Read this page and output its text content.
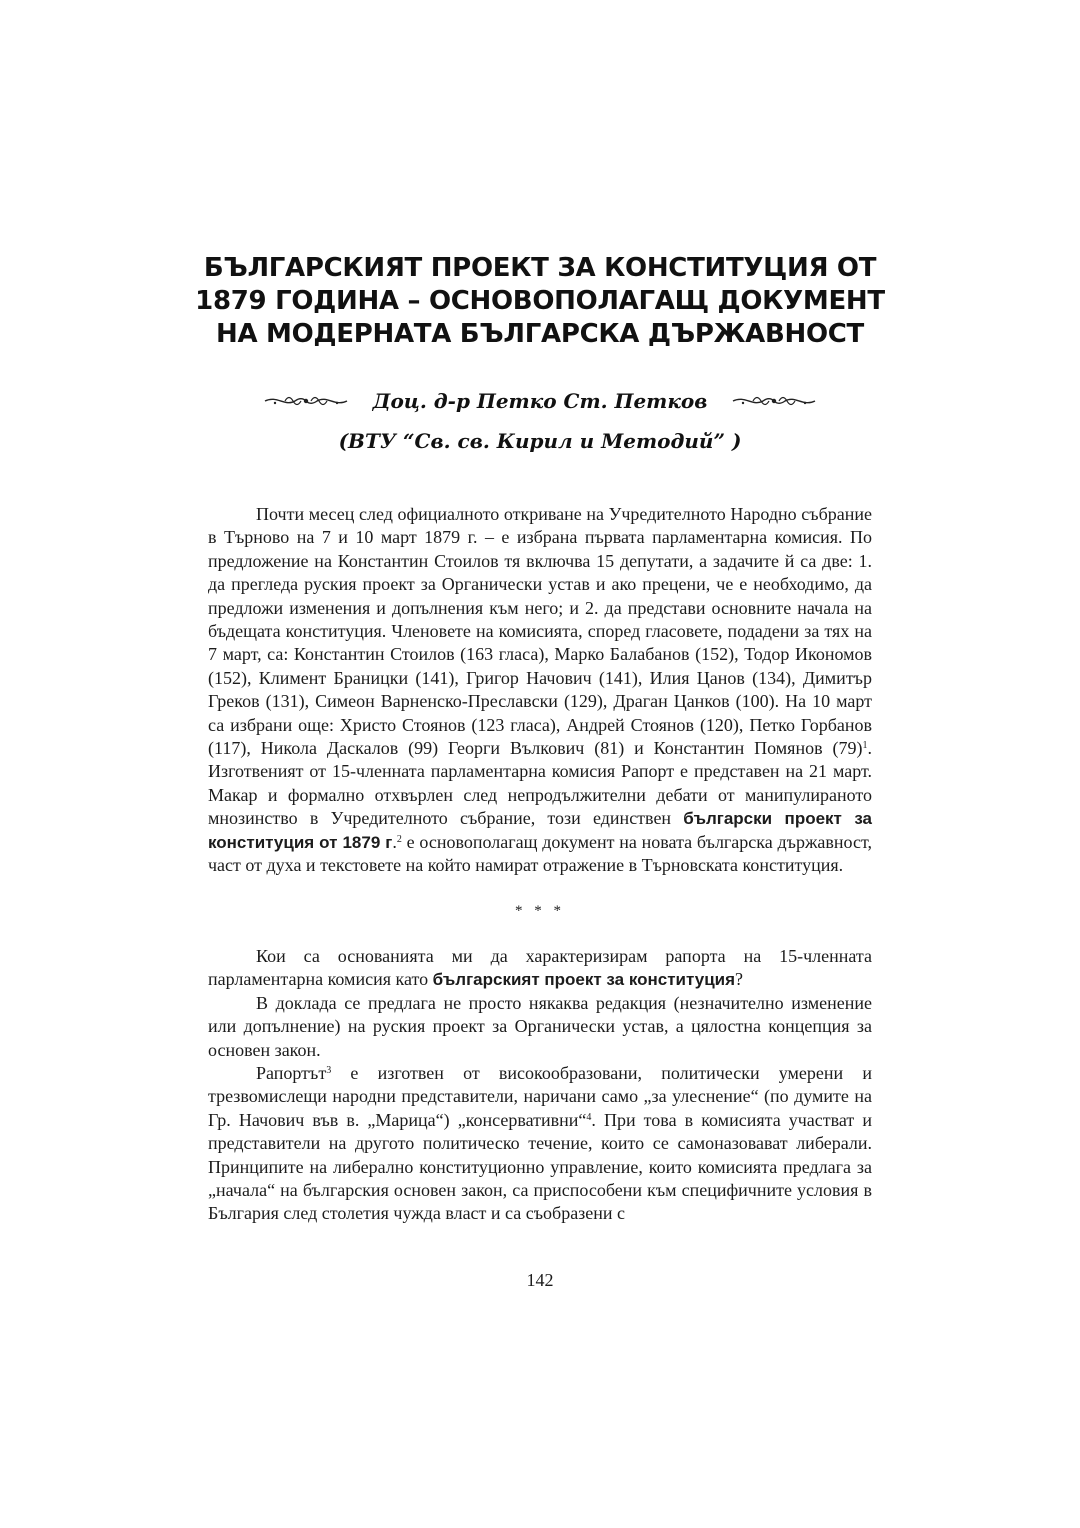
БЪЛГАРСКИЯТ ПРОЕКТ ЗА КОНСТИТУЦИЯ ОТ
1879 ГОДИНА – ОСНОВОПОЛАГАЩ ДОКУМЕНТ
НА МОДЕРНАТА БЪЛГАРСКА ДЪРЖАВНОСТ
Доц. д-р Петко Ст. Петков
(ВТУ “Св. св. Кирил и Методий” )

Почти месец след официалното откриване на Учредителното Народно събрание в Търново на 7 и 10 март 1879 г. – е избрана първата парламентарна комисия. По предложение на Константин Стоилов тя включва 15 депутати, а задачите й са две: 1. да прегледа руския проект за Органически устав и ако прецени, че е необходимо, да предложи изменения и допълнения към него; и 2. да представи основните начала на бъдещата конституция. Членовете на комисията, според гласовете, подадени за тях на 7 март, са: Константин Стоилов (163 гласа), Марко Балабанов (152), Тодор Икономов (152), Климент Браницки (141), Григор Начович (141), Илия Цанов (134), Димитър Греков (131), Симеон Варненско-Преславски (129), Драган Цанков (100). На 10 март са избрани още: Христо Стоянов (123 гласа), Андрей Стоянов (120), Петко Горбанов (117), Никола Даскалов (99) Георги Вълкович (81) и Константин Помянов $(79)^1$. Изготвеният от 15-членната парламентарна комисия Рапорт е представен на 21 март. Макар и формално отхвърлен след непродължителни дебати от манипулираното мнозинство в Учредителното събрание, този единствен български проект за конституция от 1879 г.$^2$ е основополагащ документ на новата българска държавност, част от духа и текстовете на който намират отражение в Търновската конституция.

* * *

Кои са основанията ми да характеризирам рапорта на 15-членната парламентарна комисия като българският проект за конституция?

В доклада се предлага не просто някаква редакция (незначително изменение или допълнение) на руския проект за Органически устав, а цялостна концепция за основен закон.

Рапортът$^3$ е изготвен от високообразовани, политически умерени и трезвомислещи народни представители, наричани само „за улеснение“ (по думите на Гр. Начович във в. „Марица“) „консервативни“$^4$. При това в комисията участват и представители на другото политическо течение, които се самоназовават либерали. Принципите на либерално конституционно управление, които комисията предлага за „начала“ на българския основен закон, са приспособени към специфичните условия в България след столетия чужда власт и са съобразени с

142
